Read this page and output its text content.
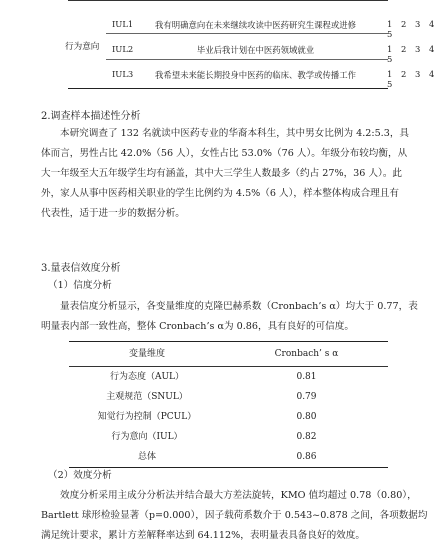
行为意向
IUL1	我有明确意向在未来继续攻读中医药研究生课程或进修	1 2 3 4 5
IUL2	毕业后我计划在中医药领域就业	1 2 3 4 5
IUL3	我希望未来能长期投身中医药的临床、教学或传播工作	1 2 3 4 5
2.调查样本描述性分析
本研究调查了 132 名就读中医药专业的华裔本科生，其中男女比例为 4.2:5.3，具
体而言，男性占比 42.0%（56 人），女性占比 53.0%（76 人）。年级分布较均衡，从
大一年级至大五年级学生均有涵盖，其中大三学生人数最多（约占 27%，36 人）。此
外，家人从事中医药相关职业的学生比例约为 4.5%（6 人），样本整体构成合理且有
代表性，适于进一步的数据分析。
3.量表信效度分析
（1）信度分析
量表信度分析显示，各变量维度的克隆巴赫系数（Cronbach’s α）均大于 0.77，表
明量表内部一致性高，整体 Cronbach’s α为 0.86，具有良好的可信度。
变量维度	Cronbach’ s α
行为态度（AUL）	0.81
主观规范（SNUL）	0.79
知觉行为控制（PCUL）	0.80
行为意向（IUL）	0.82
总体	0.86
（2）效度分析
效度分析采用主成分分析法并结合最大方差法旋转，KMO 值均超过 0.78（0.80），
Bartlett 球形检验显著（p=0.000），因子载荷系数介于 0.543~0.878 之间，各项数据均
满足统计要求，累计方差解释率达到 64.112%，表明量表具备良好的效度。
